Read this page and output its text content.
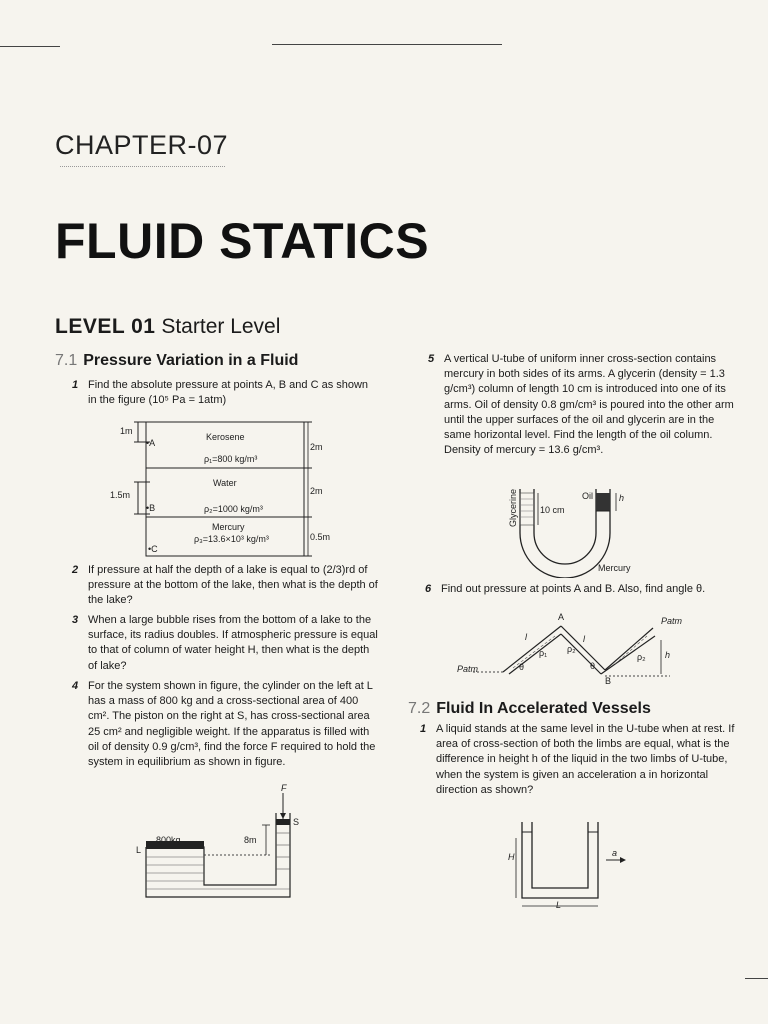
CHAPTER-07
FLUID STATICS
LEVEL 01 Starter Level
7.1 Pressure Variation in a Fluid
1 Find the absolute pressure at points A, B and C as shown in the figure (10⁵ Pa = 1atm)
1m
1.5m
•A
•B
•C
Kerosene
ρ₁=800 kg/m³
Water
ρ₂=1000 kg/m³
Mercury
ρ₃=13.6×10³ kg/m³
2m
2m
0.5m
2 If pressure at half the depth of a lake is equal to (2/3)rd of pressure at the bottom of the lake, then what is the depth of the lake?
3 When a large bubble rises from the bottom of a lake to the surface, its radius doubles. If atmospheric pressure is equal to that of column of water height H, then what is the depth of lake?
4 For the system shown in figure, the cylinder on the left at L has a mass of 800 kg and a cross-sectional area of 400 cm². The piston on the right at S, has cross-sectional area 25 cm² and negligible weight. If the apparatus is filled with oil of density 0.9 g/cm³, find the force F required to hold the system in equilibrium as shown in figure.
F
S
L
800kg	8m
5 A vertical U-tube of uniform inner cross-section contains mercury in both sides of its arms. A glycerin (density = 1.3 g/cm³) column of length 10 cm is introduced into one of its arms. Oil of density 0.8 gm/cm³ is poured into the other arm until the upper surfaces of the oil and glycerin are in the same horizontal level. Find the length of the oil column. Density of mercury = 13.6 g/cm³.
Glycerine 10 cm
Oil	h
Mercury
6 Find out pressure at points A and B. Also, find angle θ.
Patm
Patm
A
B
l	l
ρ₁ ρ₂
ρ₂
θ	θ
h
7.2 Fluid In Accelerated Vessels
1 A liquid stands at the same level in the U-tube when at rest. If area of cross-section of both the limbs are equal, what is the difference in height h of the liquid in the two limbs of U-tube, when the system is given an acceleration a in horizontal direction as shown?
H	a
L
